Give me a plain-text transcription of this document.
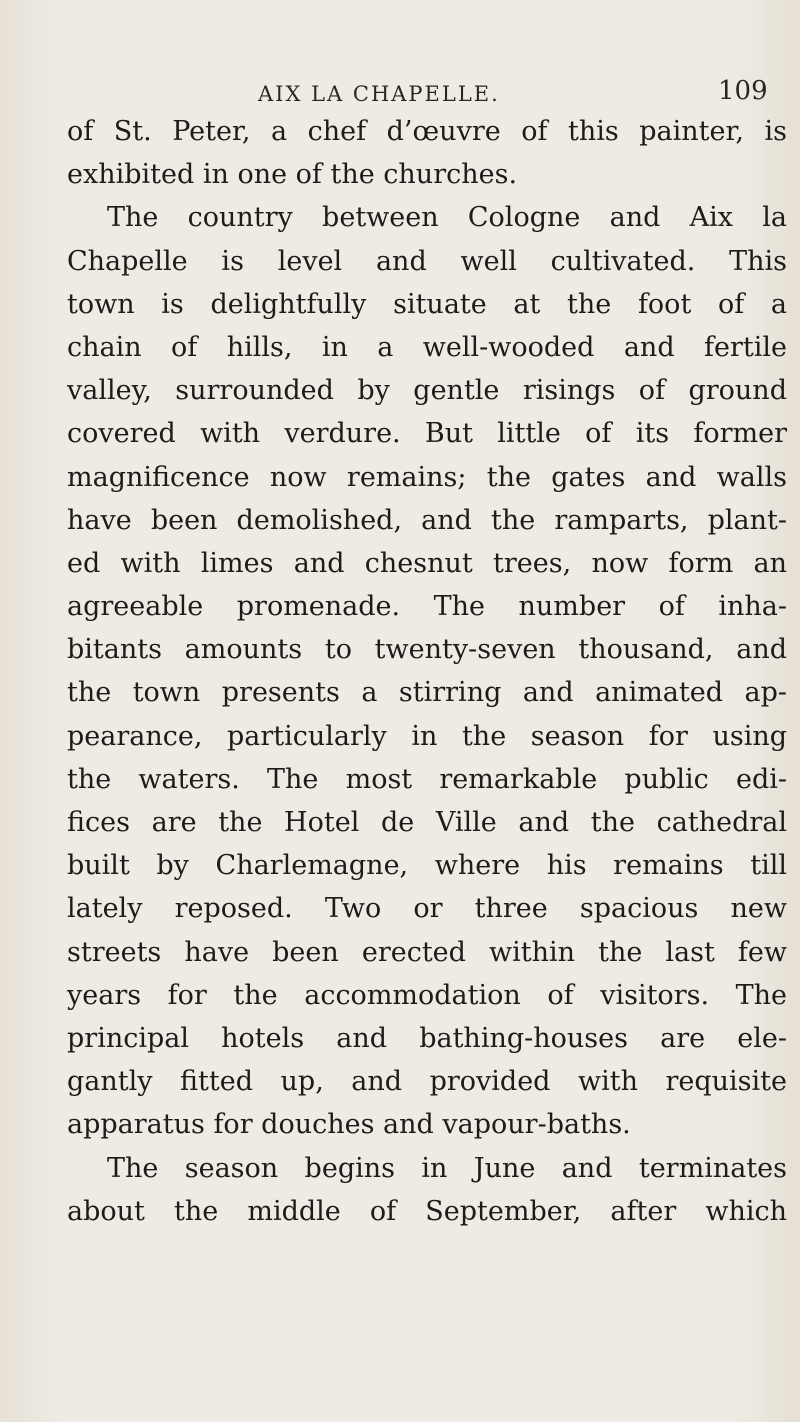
AIX LA CHAPELLE.	109
of St. Peter, a chef d’œuvre of this painter, is
exhibited in one of the churches.
The country between Cologne and Aix la
Chapelle is level and well cultivated. This
town is delightfully situate at the foot of a
chain of hills, in a well-wooded and fertile
valley, surrounded by gentle risings of ground
covered with verdure. But little of its former
magnificence now remains; the gates and walls
have been demolished, and the ramparts, plant-
ed with limes and chesnut trees, now form an
agreeable promenade. The number of inha-
bitants amounts to twenty-seven thousand, and
the town presents a stirring and animated ap-
pearance, particularly in the season for using
the waters. The most remarkable public edi-
fices are the Hotel de Ville and the cathedral
built by Charlemagne, where his remains till
lately reposed. Two or three spacious new
streets have been erected within the last few
years for the accommodation of visitors. The
principal hotels and bathing-houses are ele-
gantly fitted up, and provided with requisite
apparatus for douches and vapour-baths.
The season begins in June and terminates
about the middle of September, after which
